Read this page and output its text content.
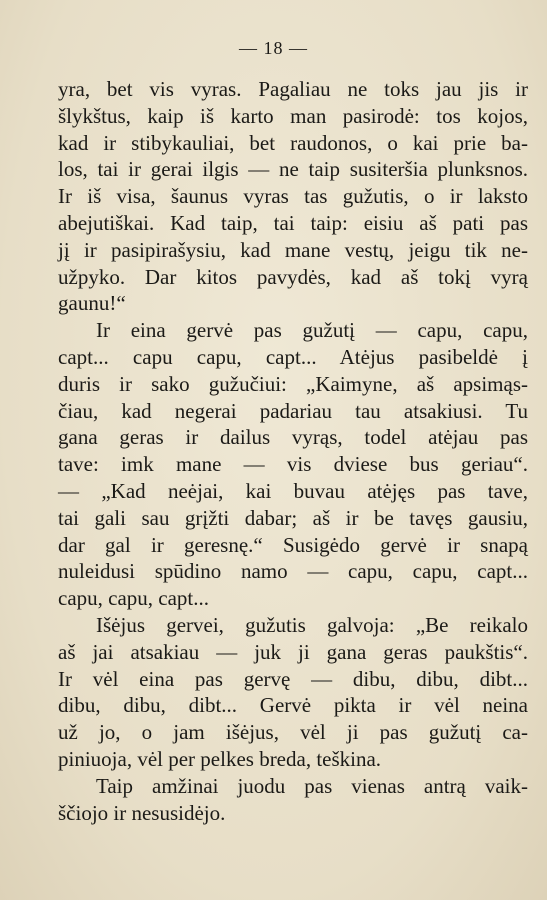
— 18 —
yra, bet vis vyras. Pagaliau ne toks jau jis ir
šlykštus, kaip iš karto man pasirodė: tos kojos,
kad ir stibykauliai, bet raudonos, o kai prie ba-
los, tai ir gerai ilgis — ne taip susiteršia plunksnos.
Ir iš visa, šaunus vyras tas gužutis, o ir laksto
abejutiškai. Kad taip, tai taip: eisiu aš pati pas
jį ir pasipirašysiu, kad mane vestų, jeigu tik ne-
užpyko. Dar kitos pavydės, kad aš tokį vyrą
gaunu!“
Ir eina gervė pas gužutį — capu, capu,
capt... capu capu, capt... Atėjus pasibeldė į
duris ir sako gužučiui: „Kaimyne, aš apsimąs-
čiau, kad negerai padariau tau atsakiusi. Tu
gana geras ir dailus vyrąs, todel atėjau pas
tave: imk mane — vis dviese bus geriau“.
— „Kad neėjai, kai buvau atėjęs pas tave,
tai gali sau grįžti dabar; aš ir be tavęs gausiu,
dar gal ir geresnę.“ Susigėdo gervė ir snapą
nuleidusi spūdino namo — capu, capu, capt...
capu, capu, capt...
Išėjus gervei, gužutis galvoja: „Be reikalo
aš jai atsakiau — juk ji gana geras paukštis“.
Ir vėl eina pas gervę — dibu, dibu, dibt...
dibu, dibu, dibt... Gervė pikta ir vėl neina
už jo, o jam išėjus, vėl ji pas gužutį ca-
piniuoja, vėl per pelkes breda, teškina.
Taip amžinai juodu pas vienas antrą vaik-
ščiojo ir nesusidėjo.
